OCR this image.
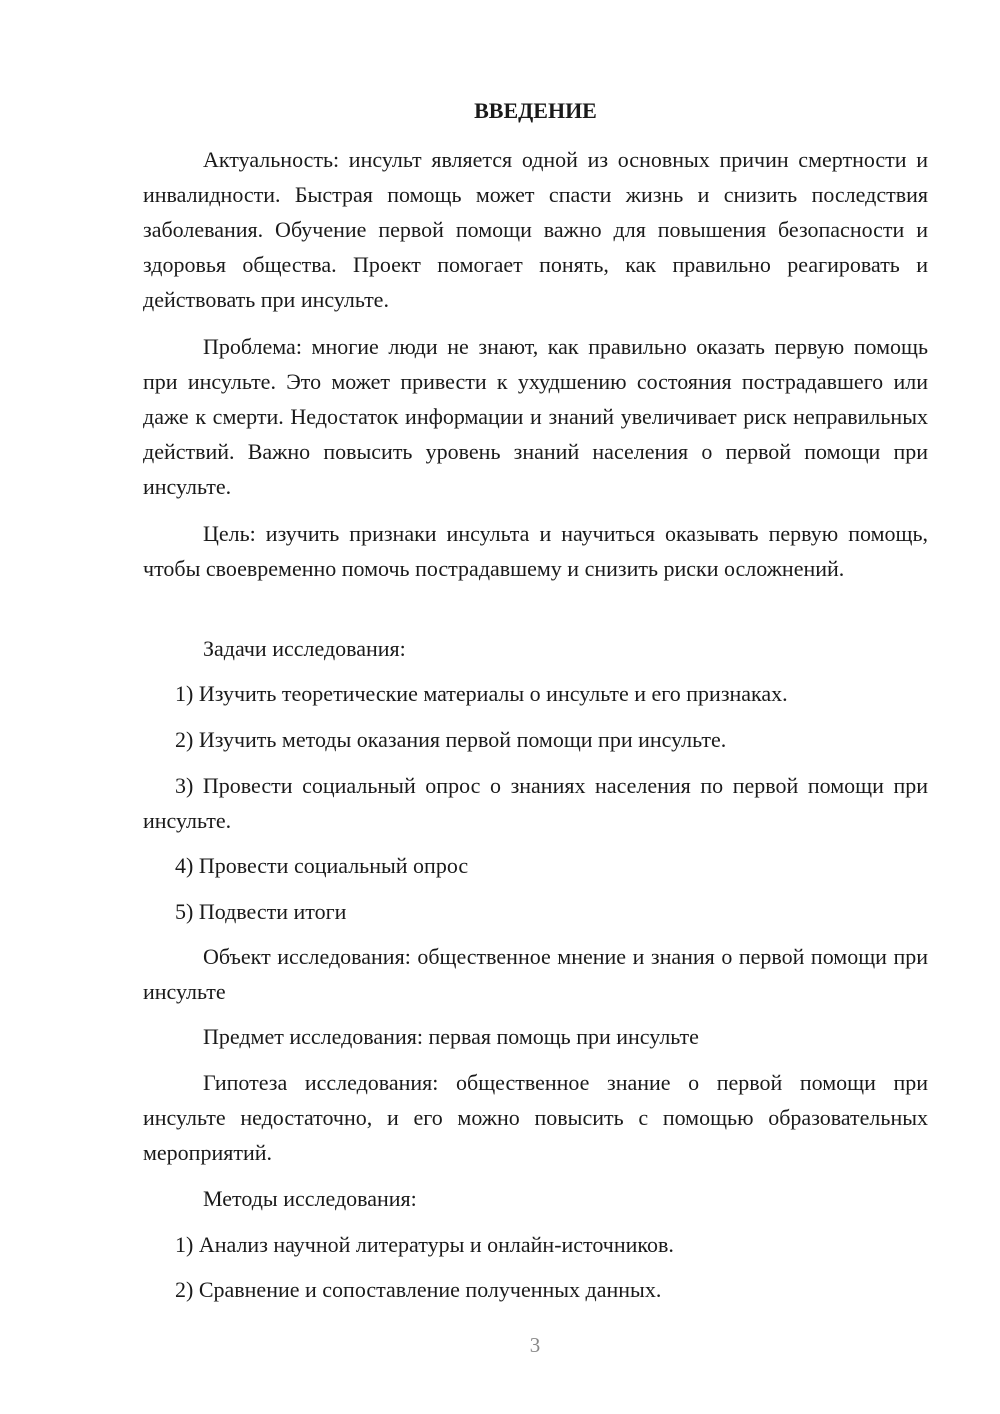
ВВЕДЕНИЕ

Актуальность: инсульт является одной из основных причин смертности и инвалидности. Быстрая помощь может спасти жизнь и снизить последствия заболевания. Обучение первой помощи важно для повышения безопасности и здоровья общества. Проект помогает понять, как правильно реагировать и действовать при инсульте.

Проблема: многие люди не знают, как правильно оказать первую помощь при инсульте. Это может привести к ухудшению состояния пострадавшего или даже к смерти. Недостаток информации и знаний увеличивает риск неправильных действий. Важно повысить уровень знаний населения о первой помощи при инсульте.

Цель: изучить признаки инсульта и научиться оказывать первую помощь, чтобы своевременно помочь пострадавшему и снизить риски осложнений.

Задачи исследования:

1) Изучить теоретические материалы о инсульте и его признаках.

2) Изучить методы оказания первой помощи при инсульте.

3) Провести социальный опрос о знаниях населения по первой помощи при инсульте.

4) Провести социальный опрос

5) Подвести итоги

Объект исследования: общественное мнение и знания о первой помощи при инсульте

Предмет исследования: первая помощь при инсульте

Гипотеза исследования: общественное знание о первой помощи при инсульте недостаточно, и его можно повысить с помощью образовательных мероприятий.

Методы исследования:

1) Анализ научной литературы и онлайн-источников.

2) Сравнение и сопоставление полученных данных.

3
